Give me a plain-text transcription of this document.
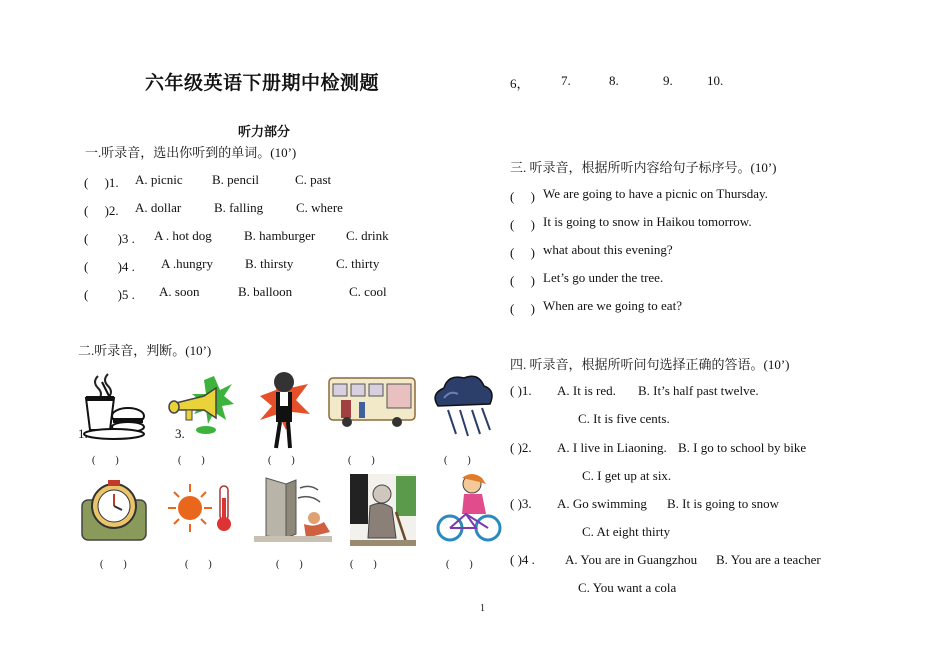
六年级英语下册期中检测题
听力部分
一.听录音，选出你听到的单词。(10’)
(　 )1. A. picnic B. pencil	C. past
(　 )2. A. dollar	B. falling	C. where
(　　 )3 . A . hot dog B. hamburger C. drink
(　　 )4 . A .hungry B. thirsty	C. thirty
(　　 )5 . A. soon	B. balloon	C. cool
二.听录音，判断。(10’)
1.	3.
(　　)	(　　)	(　　)	(　　)	(　　)
(　　)	(　　)	(　　)	(　　)	(　　)
6， 7.	8.	9.	10.
三. 听录音，根据所听内容给句子标序号。(10’)
(　 ) We are going to have a picnic on Thursday.
(　 ) It is going to snow in Haikou tomorrow.
(　 ) what about this evening?
(　 ) Let’s go under the tree.
(　 ) When are we going to eat?
四. 听录音，根据所听问句选择正确的答语。(10’)
( )1. A. It is red. B. It’s half past twelve.
C. It is five cents.
( )2. A. I live in Liaoning. B. I go to school by bike
C. I get up at six.
( )3. A. Go swimming B. It is going to snow
C. At eight thirty
( )4 . A. You are in Guangzhou B. You are a teacher
C. You want a cola
1
